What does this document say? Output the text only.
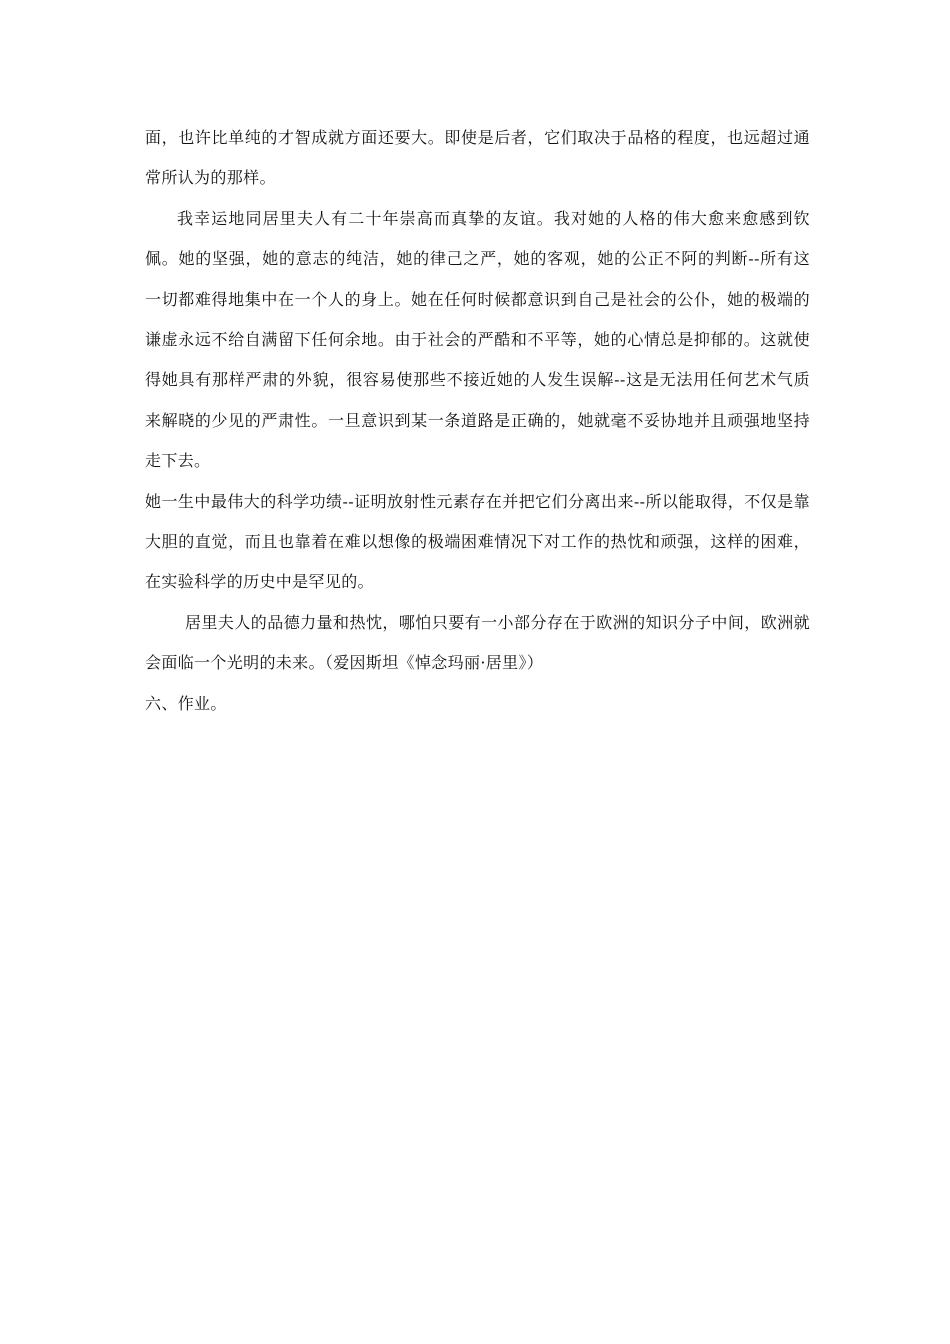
面，也许比单纯的才智成就方面还要大。即使是后者，它们取决于品格的程度，也远超过通常所认为的那样。

我幸运地同居里夫人有二十年崇高而真挚的友谊。我对她的人格的伟大愈来愈感到钦佩。她的坚强，她的意志的纯洁，她的律己之严，她的客观，她的公正不阿的判断--所有这一切都难得地集中在一个人的身上。她在任何时候都意识到自己是社会的公仆，她的极端的谦虚永远不给自满留下任何余地。由于社会的严酷和不平等，她的心情总是抑郁的。这就使得她具有那样严肃的外貌，很容易使那些不接近她的人发生误解--这是无法用任何艺术气质来解晓的少见的严肃性。一旦意识到某一条道路是正确的，她就毫不妥协地并且顽强地坚持走下去。

她一生中最伟大的科学功绩--证明放射性元素存在并把它们分离出来--所以能取得，不仅是靠大胆的直觉，而且也靠着在难以想像的极端困难情况下对工作的热忱和顽强，这样的困难，在实验科学的历史中是罕见的。

居里夫人的品德力量和热忱，哪怕只要有一小部分存在于欧洲的知识分子中间，欧洲就会面临一个光明的未来。（爱因斯坦《悼念玛丽·居里》）

六、作业。
